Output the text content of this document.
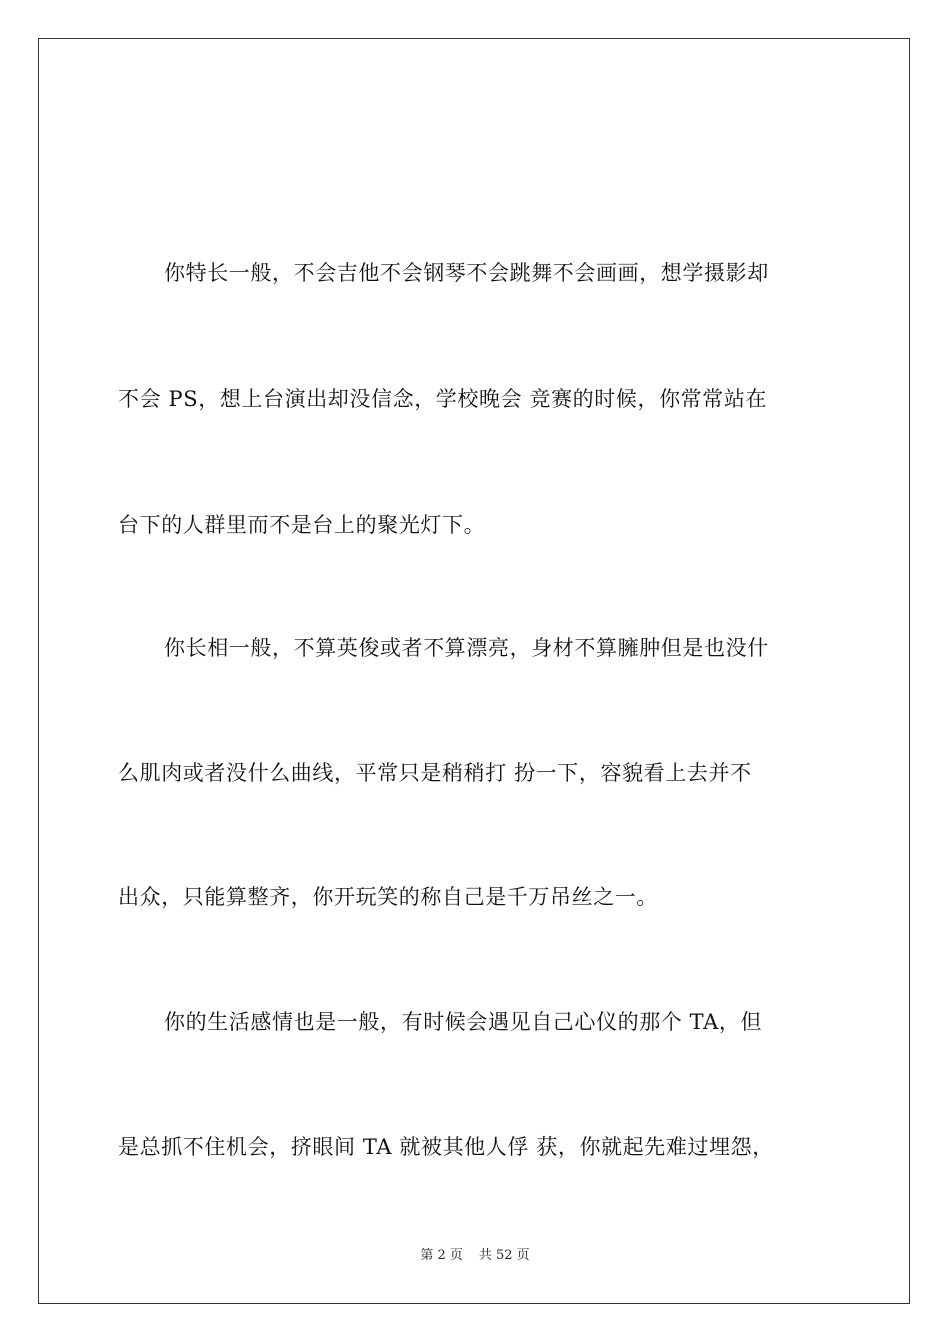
你特长一般，不会吉他不会钢琴不会跳舞不会画画，想学摄影却
不会 PS，想上台演出却没信念，学校晚会 竞赛的时候，你常常站在
台下的人群里而不是台上的聚光灯下。
你长相一般，不算英俊或者不算漂亮，身材不算臃肿但是也没什
么肌肉或者没什么曲线，平常只是稍稍打 扮一下，容貌看上去并不
出众，只能算整齐，你开玩笑的称自己是千万吊丝之一。
你的生活感情也是一般，有时候会遇见自己心仪的那个 TA，但
是总抓不住机会，挤眼间 TA 就被其他人俘 获，你就起先难过埋怨，
第 2 页 共 52 页
